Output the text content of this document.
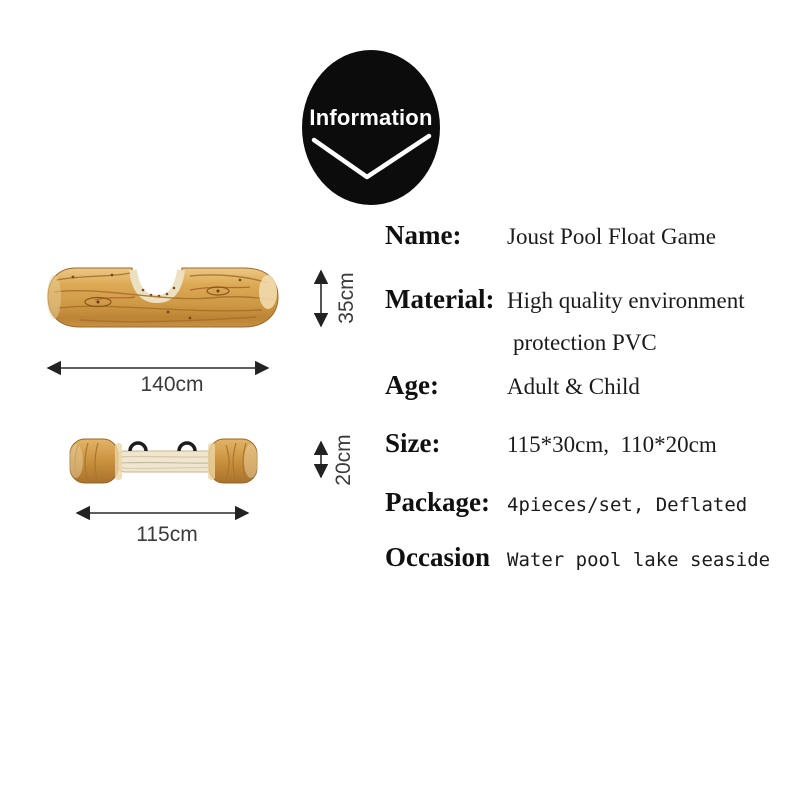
Information
35cm
140cm
20cm
115cm
Name:	Joust Pool Float Game
Material: High quality environment
protection PVC
Age:	Adult & Child
Size:	115*30cm,  110*20cm
Package: 4pieces/set, Deflated
Occasion Water pool lake seaside
